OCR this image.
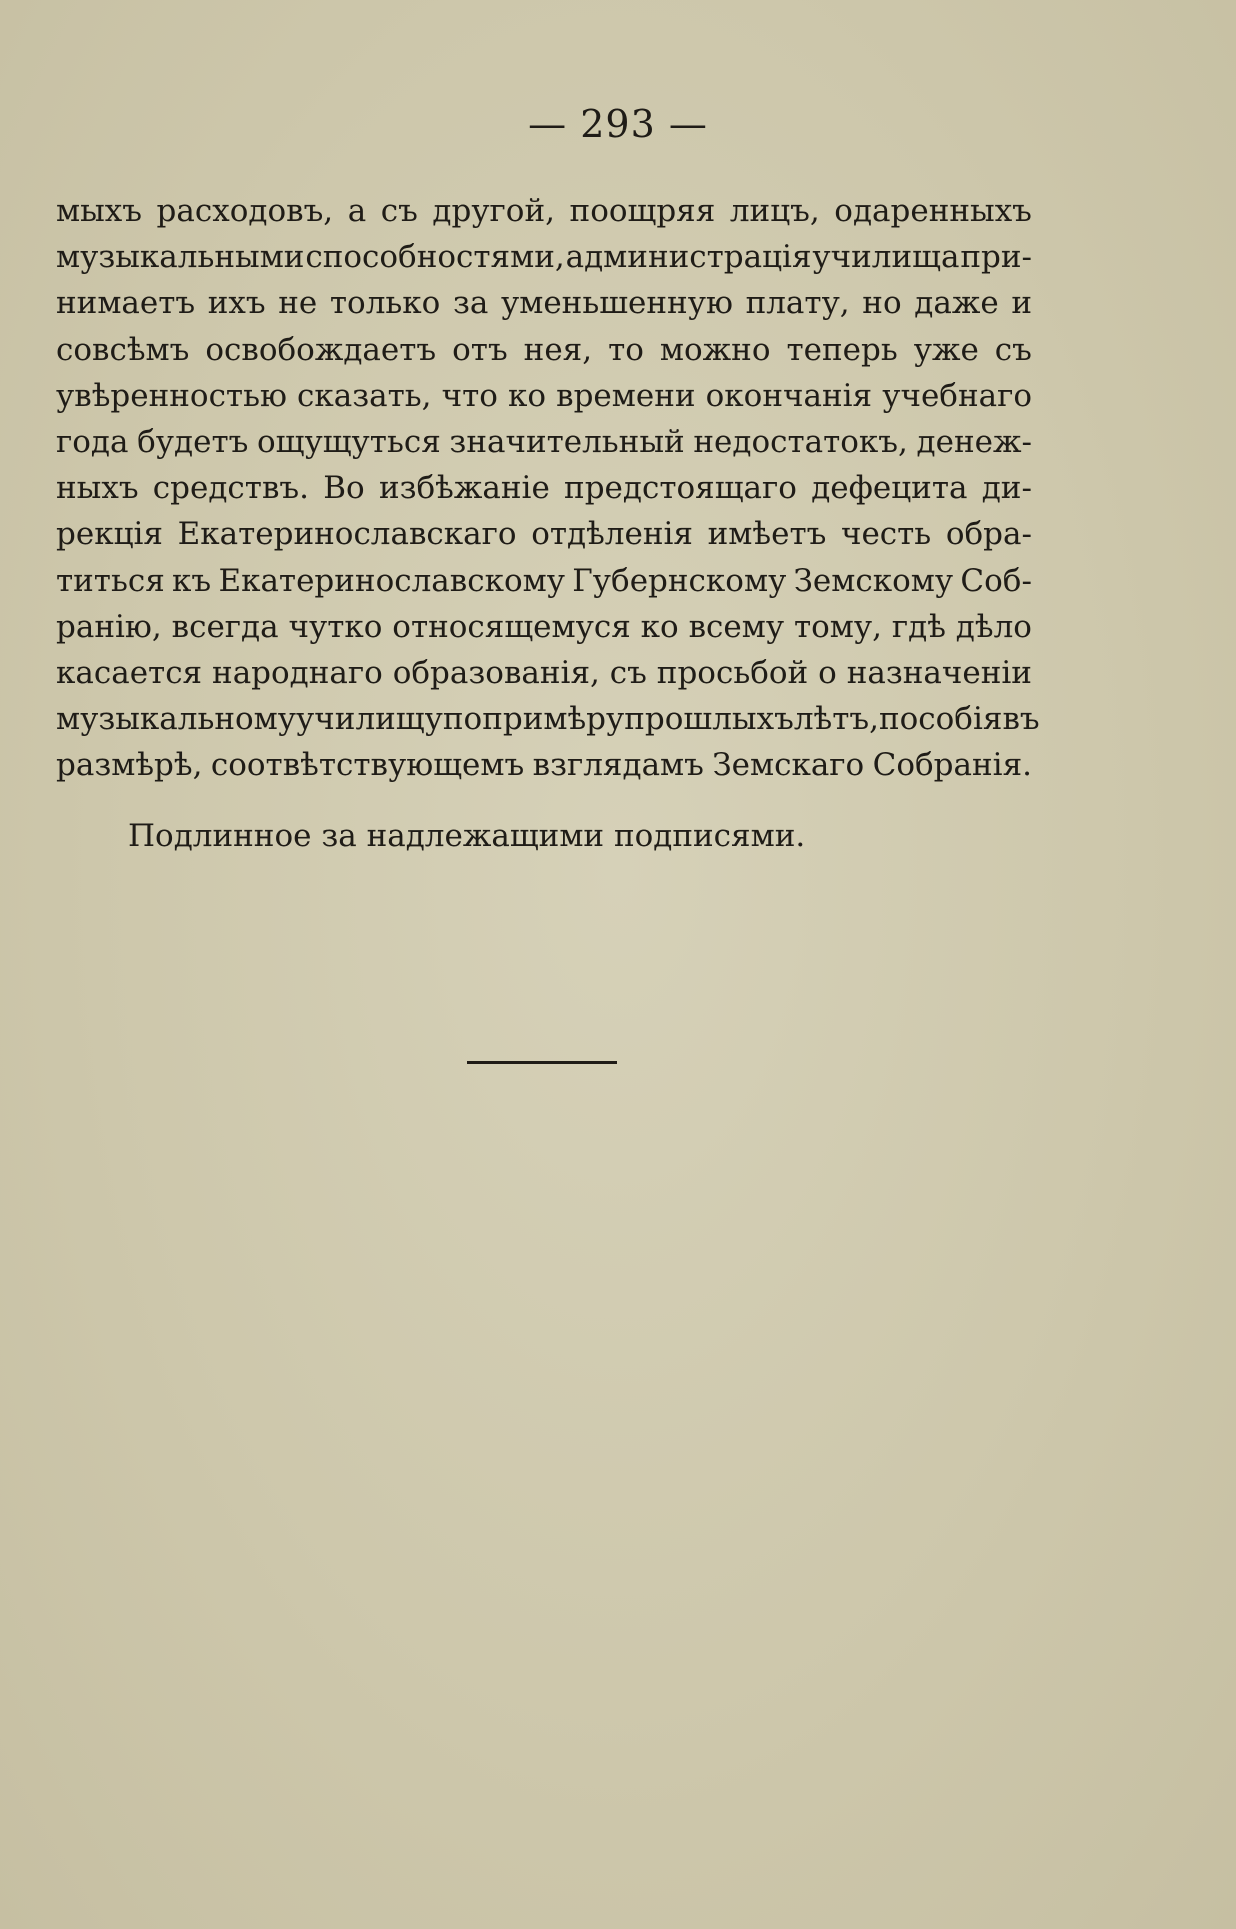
— 293 —
мыхъ расходовъ, а съ другой, поощряя лицъ, одаренныхъ
музыкальными способностями, администрація училища при-
нимаетъ ихъ не только за уменьшенную плату, но даже и
совсѣмъ освобождаетъ отъ нея, то можно теперь уже съ
увѣренностью сказать, что ко времени окончанія учебнаго
года будетъ ощущуться значительный недостатокъ, денеж-
ныхъ средствъ. Во избѣжаніе предстоящаго дефецита ди-
рекція Екатеринославскаго отдѣленія имѣетъ честь обра-
титься къ Екатеринославскому Губернскому Земскому Соб-
ранію, всегда чутко относящемуся ко всему тому, гдѣ дѣло
касается народнаго образованія, съ просьбой о назначеніи
музыкальному училищу по примѣру прошлыхъ лѣтъ, пособія въ
размѣрѣ, соотвѣтствующемъ взглядамъ Земскаго Собранія.
Подлинное за надлежащими подписями.
